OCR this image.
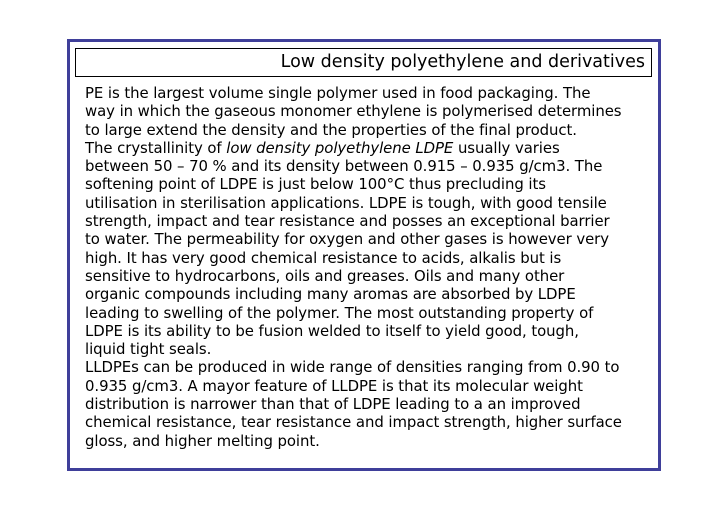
Low density polyethylene and derivatives
PE is the largest volume single polymer used in food packaging. The
way in which the gaseous monomer ethylene is polymerised determines
to large extend the density and the properties of the final product.
The crystallinity of low density polyethylene LDPE usually varies
between 50 – 70 % and its density between 0.915 – 0.935 g/cm3. The
softening point of LDPE is just below 100°C thus precluding its
utilisation in sterilisation applications. LDPE is tough, with good tensile
strength, impact and tear resistance and posses an exceptional barrier
to water. The permeability for oxygen and other gases is however very
high. It has very good chemical resistance to acids, alkalis but is
sensitive to hydrocarbons, oils and greases. Oils and many other
organic compounds including many aromas are absorbed by LDPE
leading to swelling of the polymer. The most outstanding property of
LDPE is its ability to be fusion welded to itself to yield good, tough,
liquid tight seals.
LLDPEs can be produced in wide range of densities ranging from 0.90 to
0.935 g/cm3. A mayor feature of LLDPE is that its molecular weight
distribution is narrower than that of LDPE leading to a an improved
chemical resistance, tear resistance and impact strength, higher surface
gloss, and higher melting point.
